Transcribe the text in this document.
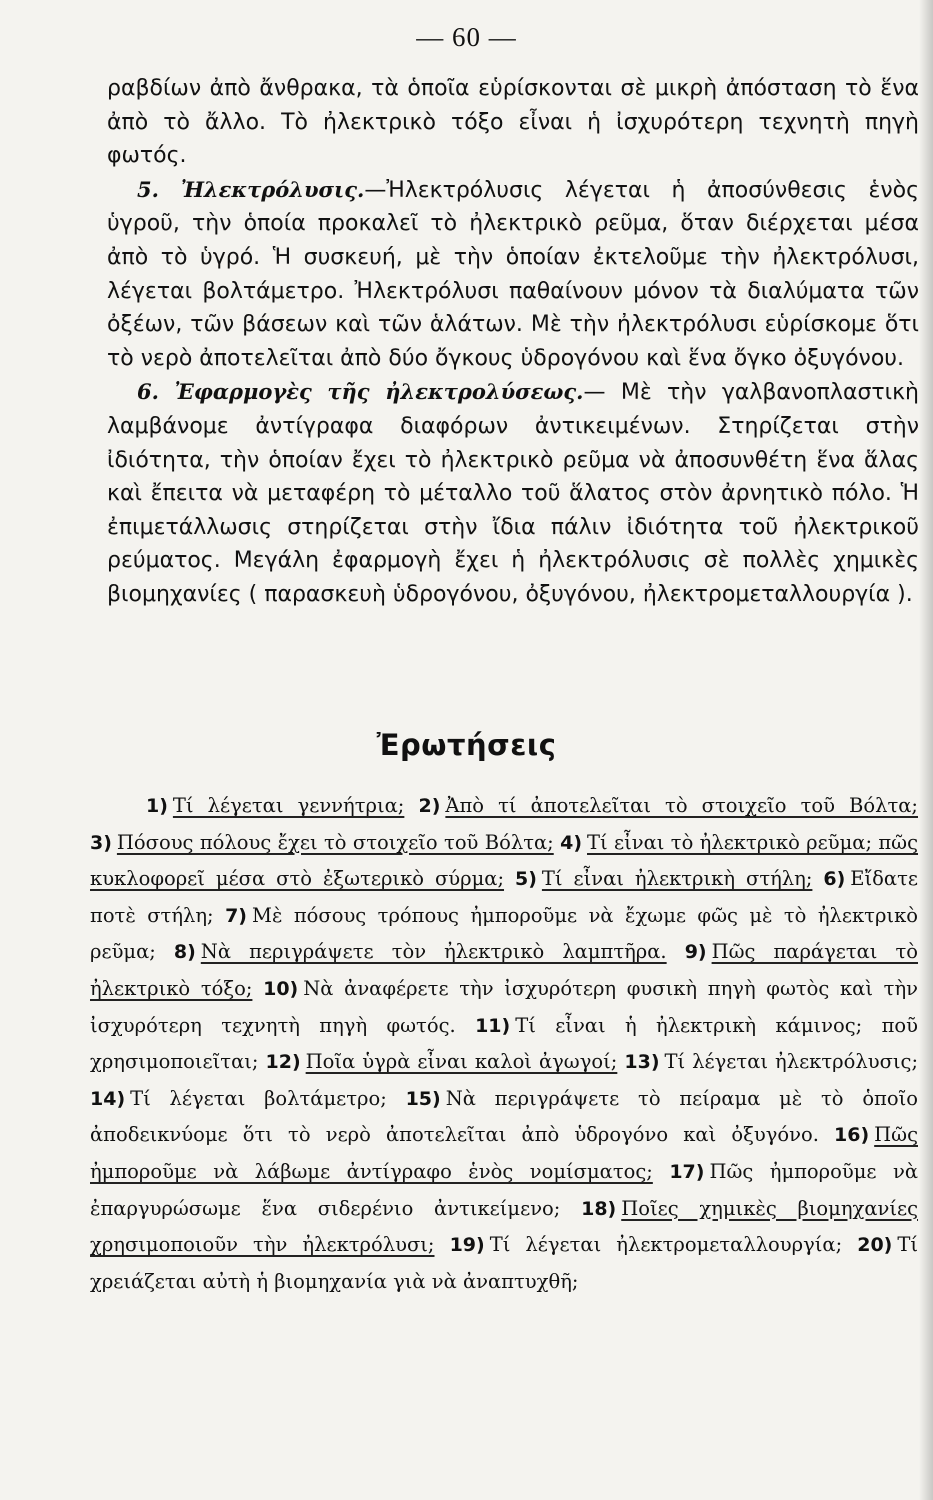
— 60 —

ραβδίων ἀπὸ ἄνθρακα, τὰ ὁποῖα εὑρίσκονται σὲ μικρὴ ἀπόσταση τὸ ἕνα ἀπὸ τὸ ἄλλο. Τὸ ἠλεκτρικὸ τόξο εἶναι ἡ ἰσχυρότερη τεχνητὴ πηγὴ φωτός.

5. Ἠλεκτρόλυσις.—Ἠλεκτρόλυσις λέγεται ἡ ἀποσύνθεσις ἑνὸς ὑγροῦ, τὴν ὁποία προκαλεῖ τὸ ἠλεκτρικὸ ρεῦμα, ὅταν διέρχεται μέσα ἀπὸ τὸ ὑγρό. Ἡ συσκευή, μὲ τὴν ὁποίαν ἐκτελοῦμε τὴν ἠλεκτρόλυσι, λέγεται βολτάμετρο. Ἠλεκτρόλυσι παθαίνουν μόνον τὰ διαλύματα τῶν ὀξέων, τῶν βάσεων καὶ τῶν ἁλάτων. Μὲ τὴν ἠλεκτρόλυσι εὑρίσκομε ὅτι τὸ νερὸ ἀποτελεῖται ἀπὸ δύο ὄγκους ὑδρογόνου καὶ ἕνα ὄγκο ὀξυγόνου.

6. Ἐφαρμογὲς τῆς ἠλεκτρολύσεως.— Μὲ τὴν γαλβανοπλαστικὴ λαμβάνομε ἀντίγραφα διαφόρων ἀντικειμένων. Στηρίζεται στὴν ἰδιότητα, τὴν ὁποίαν ἔχει τὸ ἠλεκτρικὸ ρεῦμα νὰ ἀποσυνθέτη ἕνα ἅλας καὶ ἔπειτα νὰ μεταφέρη τὸ μέταλλο τοῦ ἅλατος στὸν ἀρνητικὸ πόλο. Ἡ ἐπιμετάλλωσις στηρίζεται στὴν ἴδια πάλιν ἰδιότητα τοῦ ἠλεκτρικοῦ ρεύματος. Μεγάλη ἐφαρμογὴ ἔχει ἡ ἠλεκτρόλυσις σὲ πολλὲς χημικὲς βιομηχανίες ( παρασκευὴ ὑδρογόνου, ὀξυγόνου, ἠλεκτρομεταλλουργία ).

Ἐρωτήσεις

1) Τί λέγεται γεννήτρια; 2) Ἀπὸ τί ἀποτελεῖται τὸ στοιχεῖο τοῦ Βόλτα; 3) Πόσους πόλους ἔχει τὸ στοιχεῖο τοῦ Βόλτα; 4) Τί εἶναι τὸ ἠλεκτρικὸ ρεῦμα; πῶς κυκλοφορεῖ μέσα στὸ ἐξωτερικὸ σύρμα; 5) Τί εἶναι ἠλεκτρικὴ στήλη; 6) Εἴδατε ποτὲ στήλη; 7) Μὲ πόσους τρόπους ἠμποροῦμε νὰ ἔχωμε φῶς μὲ τὸ ἠλεκτρικὸ ρεῦμα; 8) Νὰ περιγράψετε τὸν ἠλεκτρικὸ λαμπτῆρα. 9) Πῶς παράγεται τὸ ἠλεκτρικὸ τόξο; 10) Νὰ ἀναφέρετε τὴν ἰσχυρότερη φυσικὴ πηγὴ φωτὸς καὶ τὴν ἰσχυρότερη τεχνητὴ πηγὴ φωτός. 11) Τί εἶναι ἡ ἠλεκτρικὴ κάμινος; ποῦ χρησιμοποιεῖται; 12) Ποῖα ὑγρὰ εἶναι καλοὶ ἀγωγοί; 13) Τί λέγεται ἠλεκτρόλυσις; 14) Τί λέγεται βολτάμετρο; 15) Νὰ περιγράψετε τὸ πείραμα μὲ τὸ ὁποῖο ἀποδεικνύομε ὅτι τὸ νερὸ ἀποτελεῖται ἀπὸ ὑδρογόνο καὶ ὀξυγόνο. 16) Πῶς ἠμποροῦμε νὰ λάβωμε ἀντίγραφο ἑνὸς νομίσματος; 17) Πῶς ἠμποροῦμε νὰ ἐπαργυρώσωμε ἕνα σιδερένιο ἀντικείμενο; 18) Ποῖες χημικὲς βιομηχανίες χρησιμοποιοῦν τὴν ἠλεκτρόλυσι; 19) Τί λέγεται ἠλεκτρομεταλλουργία; 20) Τί χρειάζεται αὐτὴ ἡ βιομηχανία γιὰ νὰ ἀναπτυχθῆ;
